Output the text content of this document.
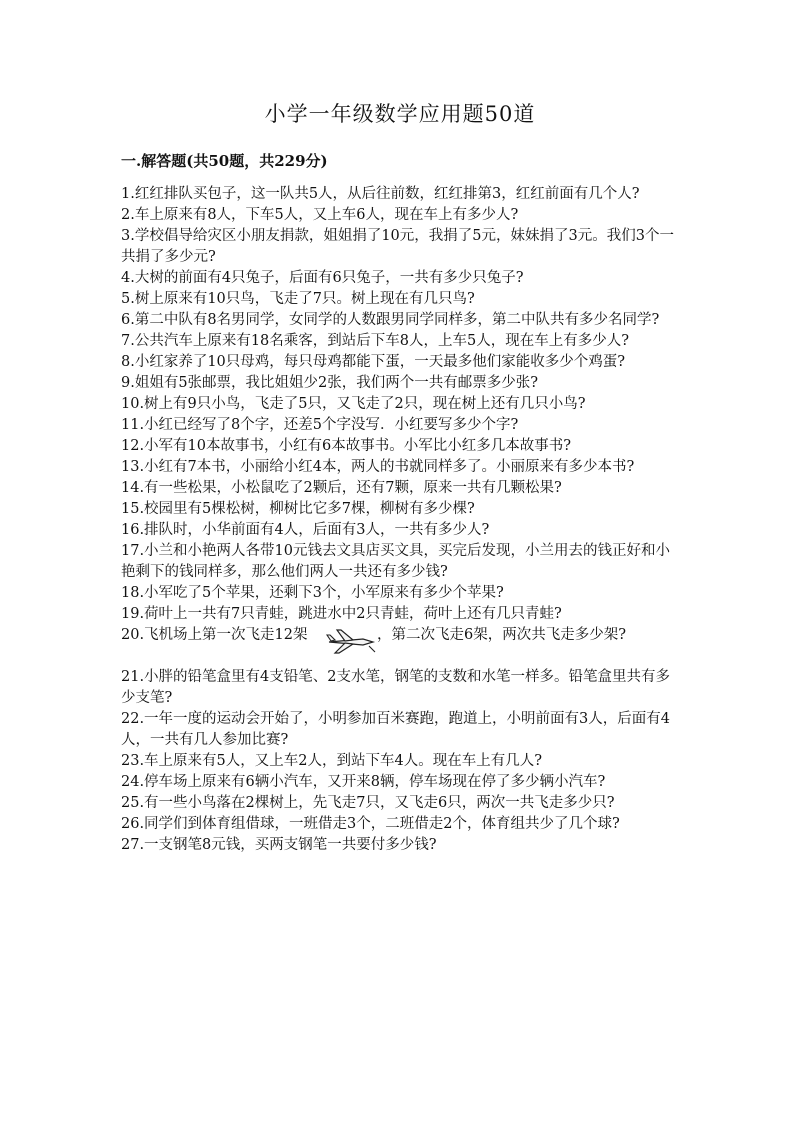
小学一年级数学应用题50道
一.解答题(共50题，共229分)

1.红红排队买包子，这一队共5人，从后往前数，红红排第3，红红前面有几个人?

2.车上原来有8人，下车5人，又上车6人，现在车上有多少人?

3.学校倡导给灾区小朋友捐款，姐姐捐了10元，我捐了5元，妹妹捐了3元。我们3个一共捐了多少元?

4.大树的前面有4只兔子，后面有6只兔子，一共有多少只兔子?

5.树上原来有10只鸟，飞走了7只。树上现在有几只鸟?

6.第二中队有8名男同学，女同学的人数跟男同学同样多，第二中队共有多少名同学?

7.公共汽车上原来有18名乘客，到站后下车8人，上车5人，现在车上有多少人?

8.小红家养了10只母鸡，每只母鸡都能下蛋，一天最多他们家能收多少个鸡蛋?

9.姐姐有5张邮票，我比姐姐少2张，我们两个一共有邮票多少张?

10.树上有9只小鸟，飞走了5只，又飞走了2只，现在树上还有几只小鸟?

11.小红已经写了8个字，还差5个字没写．小红要写多少个字?

12.小军有10本故事书，小红有6本故事书。小军比小红多几本故事书?

13.小红有7本书，小丽给小红4本，两人的书就同样多了。小丽原来有多少本书?

14.有一些松果，小松鼠吃了2颗后，还有7颗，原来一共有几颗松果?

15.校园里有5棵松树，柳树比它多7棵，柳树有多少棵?

16.排队时，小华前面有4人，后面有3人，一共有多少人?

17.小兰和小艳两人各带10元钱去文具店买文具，买完后发现，小兰用去的钱正好和小艳剩下的钱同样多，那么他们两人一共还有多少钱?

18.小军吃了5个苹果，还剩下3个，小军原来有多少个苹果?

19.荷叶上一共有7只青蛙，跳进水中2只青蛙，荷叶上还有几只青蛙?

20.飞机场上第一次飞走12架	，第二次飞走6架，两次共飞走多少架?

21.小胖的铅笔盒里有4支铅笔、2支水笔，钢笔的支数和水笔一样多。铅笔盒里共有多少支笔?

22.一年一度的运动会开始了，小明参加百米赛跑，跑道上，小明前面有3人，后面有4人，一共有几人参加比赛?

23.车上原来有5人，又上车2人，到站下车4人。现在车上有几人?

24.停车场上原来有6辆小汽车，又开来8辆，停车场现在停了多少辆小汽车?

25.有一些小鸟落在2棵树上，先飞走7只，又飞走6只，两次一共飞走多少只?

26.同学们到体育组借球，一班借走3个，二班借走2个，体育组共少了几个球?

27.一支钢笔8元钱，买两支钢笔一共要付多少钱?
